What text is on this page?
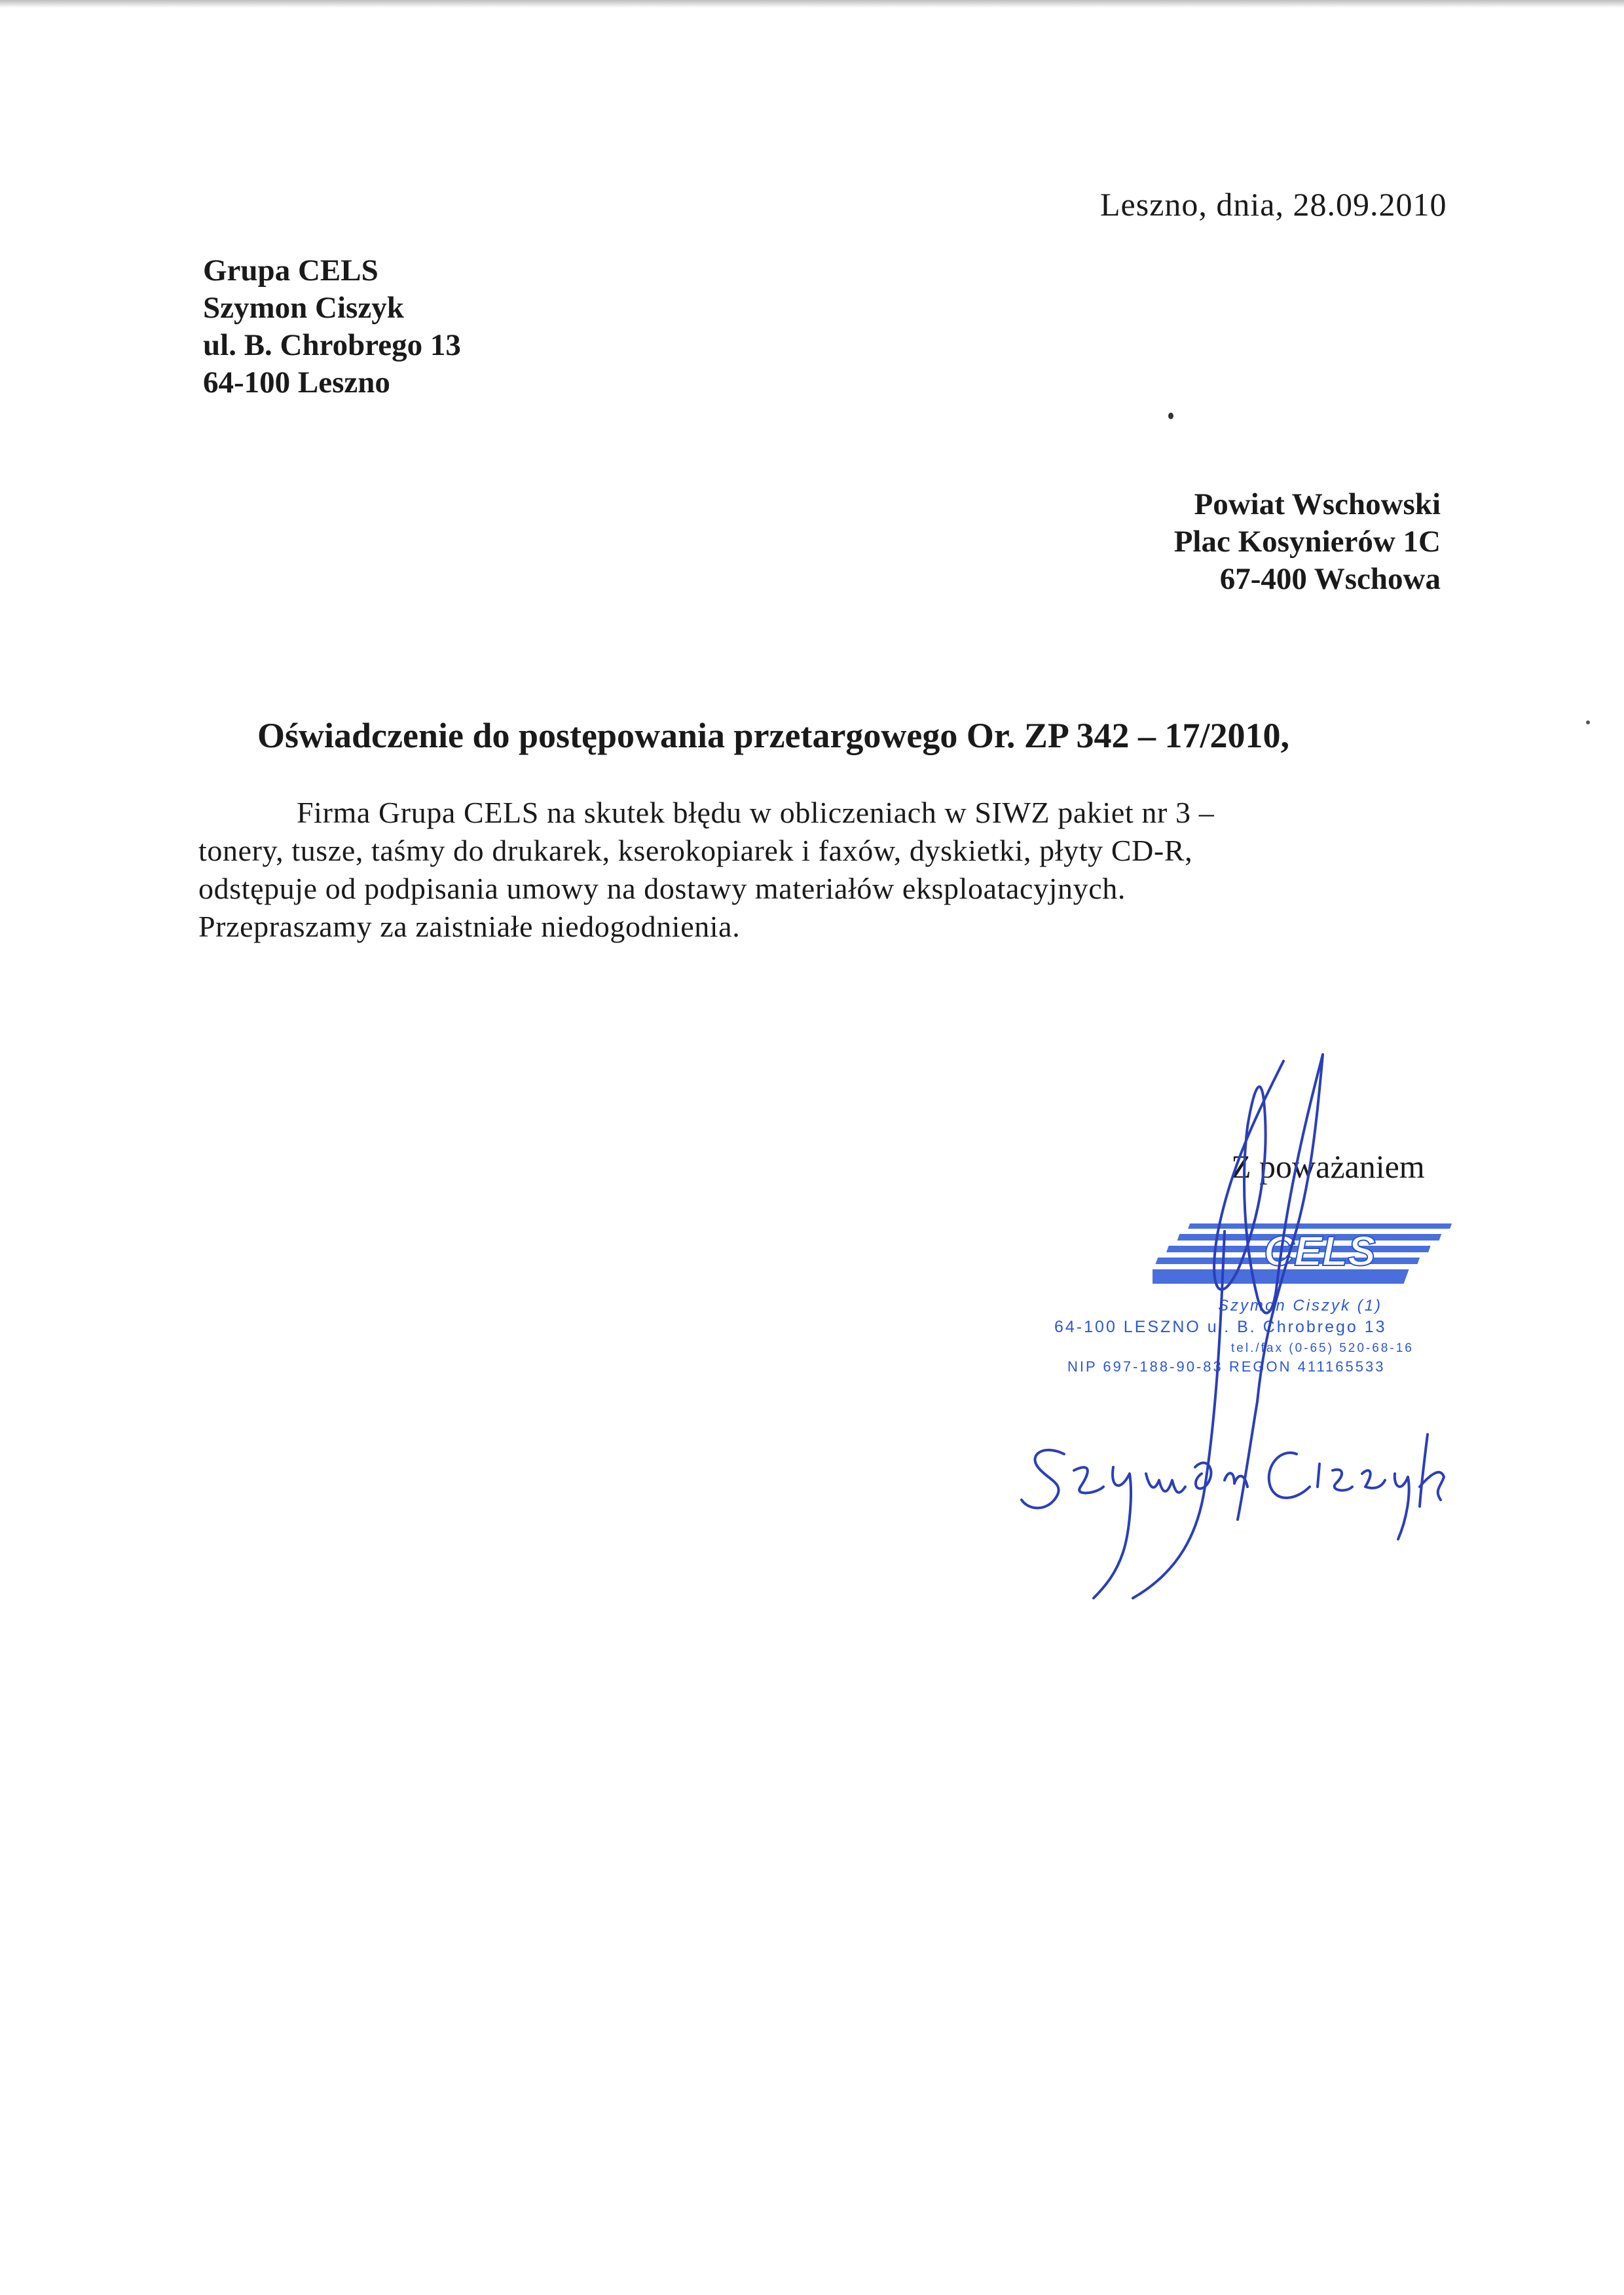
Leszno, dnia, 28.09.2010
Grupa CELS
Szymon Ciszyk
ul. B. Chrobrego 13
64-100 Leszno
Powiat Wschowski
Plac Kosynierów 1C
67-400 Wschowa
Oświadczenie do postępowania przetargowego Or. ZP 342 – 17/2010,
Firma Grupa CELS na skutek błędu w obliczeniach w SIWZ pakiet nr 3 –
tonery, tusze, taśmy do drukarek, kserokopiarek i faxów, dyskietki, płyty CD-R,
odstępuje od podpisania umowy na dostawy materiałów eksploatacyjnych.
Przepraszamy za zaistniałe niedogodnienia.
Z poważaniem
CELS
Szymon Ciszyk (1)
64-100 LESZNO ul. B. Chrobrego 13
tel./fax (0-65) 520-68-16
NIP 697-188-90-83 REGON 411165533
